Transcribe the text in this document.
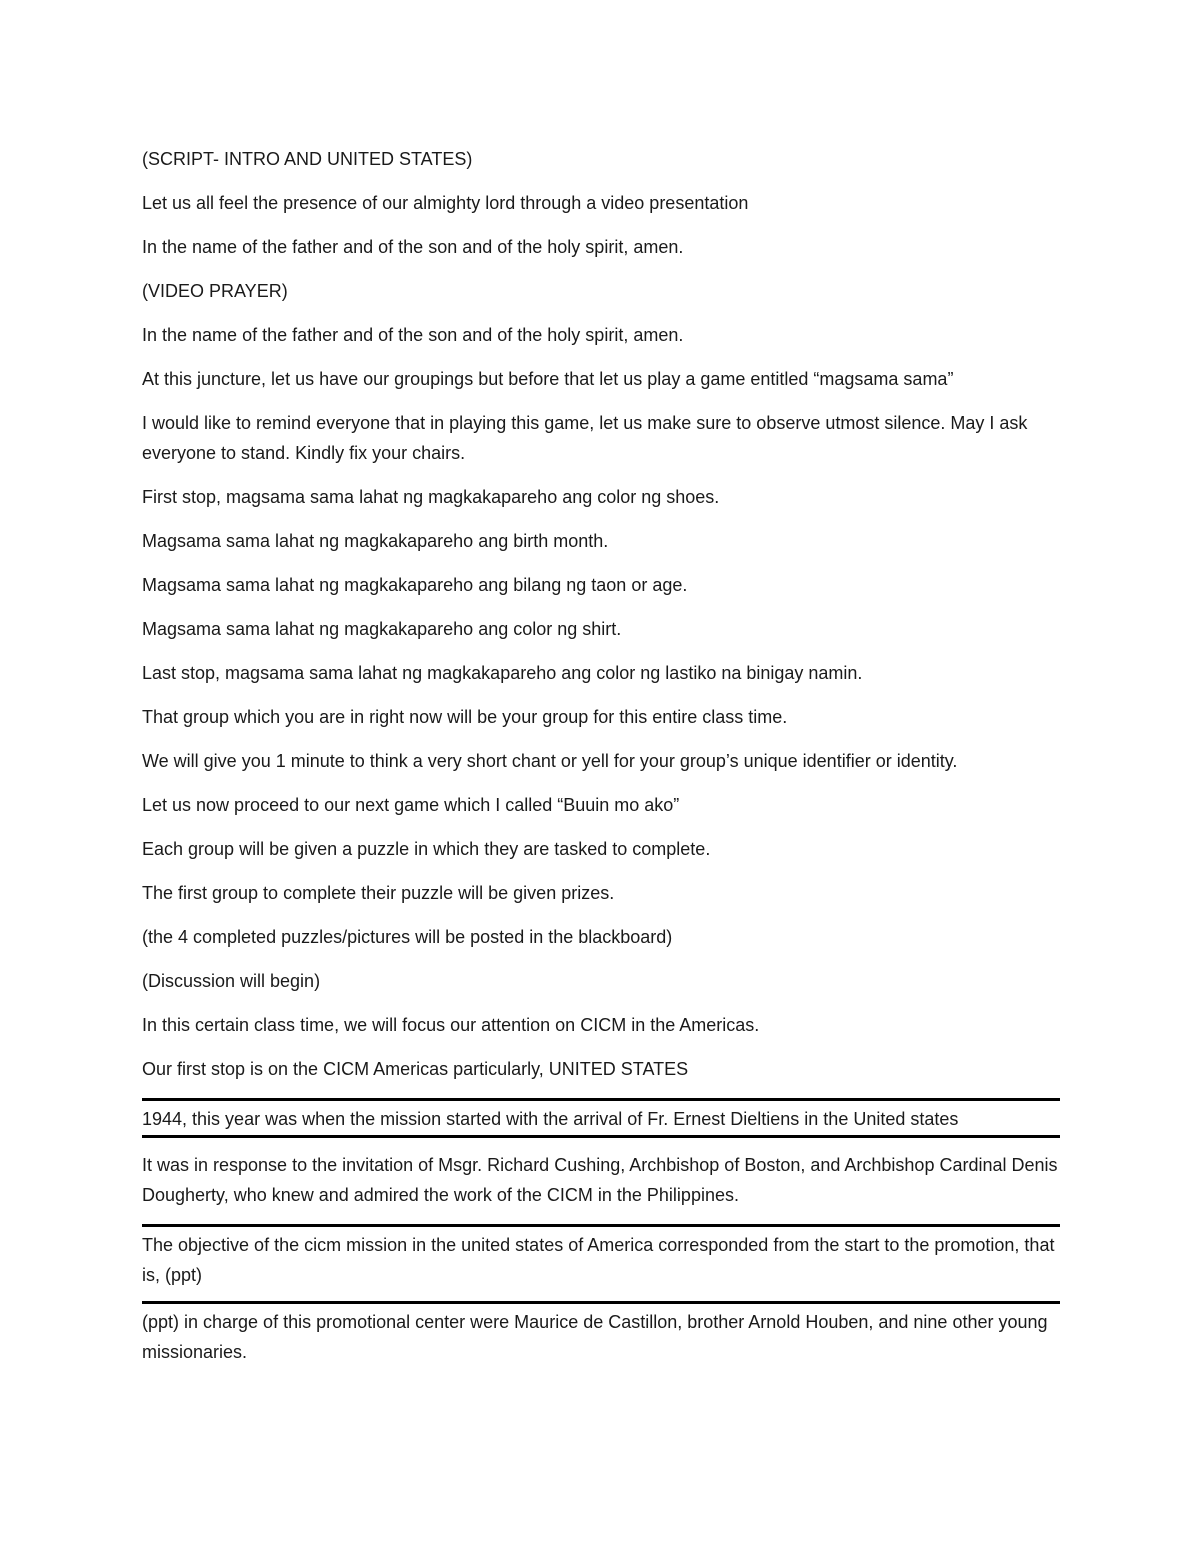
(SCRIPT- INTRO AND UNITED STATES)

Let us all feel the presence of our almighty lord through a video presentation

In the name of the father and of the son and of the holy spirit, amen.

(VIDEO PRAYER)

In the name of the father and of the son and of the holy spirit, amen.

At this juncture, let us have our groupings but before that let us play a game entitled “magsama sama”

I would like to remind everyone that in playing this game, let us make sure to observe utmost silence. May I ask everyone to stand. Kindly fix your chairs.

First stop, magsama sama lahat ng magkakapareho ang color ng shoes.

Magsama sama lahat ng magkakapareho ang birth month.

Magsama sama lahat ng magkakapareho ang bilang ng taon or age.

Magsama sama lahat ng magkakapareho ang color ng shirt.

Last stop, magsama sama lahat ng magkakapareho ang color ng lastiko na binigay namin.

That group which you are in right now will be your group for this entire class time.

We will give you 1 minute to think a very short chant or yell for your group’s unique identifier or identity.

Let us now proceed to our next game which I called “Buuin mo ako”

Each group will be given a puzzle in which they are tasked to complete.

The first group to complete their puzzle will be given prizes.

(the 4 completed puzzles/pictures will be posted in the blackboard)

(Discussion will begin)

In this certain class time, we will focus our attention on CICM in the Americas.

Our first stop is on the CICM Americas particularly, UNITED STATES

1944, this year was when the mission started with the arrival of Fr. Ernest Dieltiens in the United states

It was in response to the invitation of Msgr. Richard Cushing, Archbishop of Boston, and Archbishop Cardinal Denis Dougherty, who knew and admired the work of the CICM in the Philippines.

The objective of the cicm mission in the united states of America corresponded from the start to the promotion, that is, (ppt)

(ppt) in charge of this promotional center were Maurice de Castillon, brother Arnold Houben, and nine other young missionaries.
